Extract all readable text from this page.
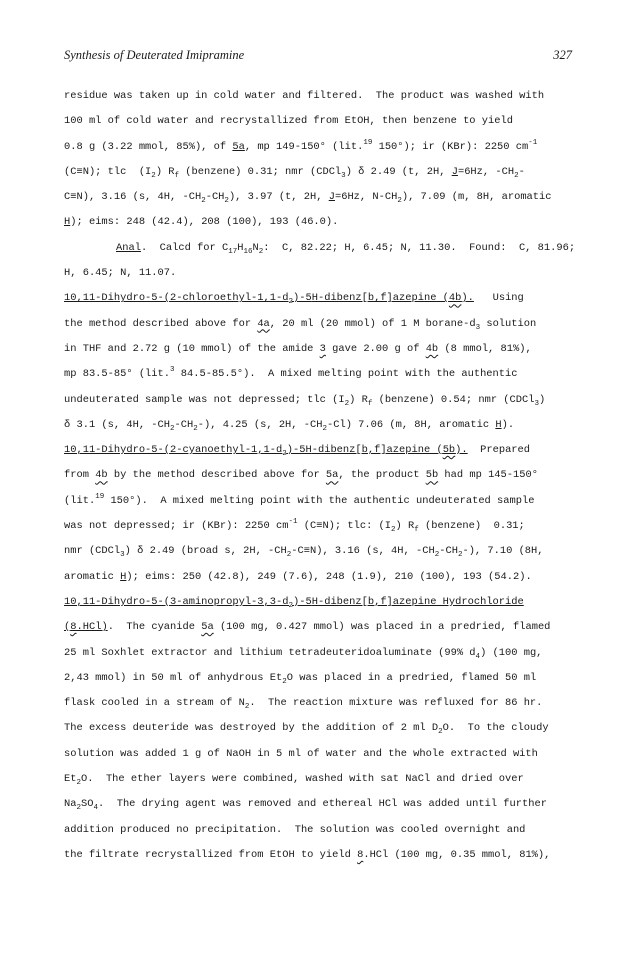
Synthesis of Deuterated Imipramine	327
residue was taken up in cold water and filtered.  The product was washed with
100 ml of cold water and recrystallized from EtOH, then benzene to yield
0.8 g (3.22 mmol, 85%), of 5a, mp 149-150° (lit.$^{19}$ 150°); ir (KBr): 2250 $cm^{-1}$
(C≡N); tlc  $(I_2)$ $R_f$ (benzene) 0.31; nmr (CDCl$_3$) δ 2.49 (t, 2H, J=6Hz, $-CH_2-$
C≡N), 3.16 (s, 4H, $-CH_2-CH_2$), 3.97 (t, 2H, J=6Hz, $N-CH_2$), 7.09 (m, 8H, aromatic
H); eims: 248 (42.4), 208 (100), 193 (46.0).
Anal.  Calcd for $C_{17}H_{16}N_2$:  C, 82.22; H, 6.45; N, 11.30.  Found:  C, 81.96;
H, 6.45; N, 11.07.
$10,11-Dihydro-5-(2-chloroethyl-1,1-d_2)-5H-dibenz[b,f]azepine$ (4b).   Using
the method described above for 4a, 20 ml (20 mmol) of 1 M borane-$d_3$ solution
in THF and 2.72 g (10 mmol) of the amide 3 gave 2.00 g of 4b (8 mmol, 81%),
mp 83.5-85° (lit.$^3$ 84.5-85.5°).  A mixed melting point with the authentic
undeuterated sample was not depressed; tlc $(I_2)$ $R_f$ (benzene) 0.54; nmr (CDCl$_3$)
δ 3.1 (s, 4H, $-CH_2-CH_2-$), 4.25 (s, 2H, $-CH_2-Cl$) 7.06 (m, 8H, aromatic H).
$10,11-Dihydro-5-(2-cyanoethyl-1,1-d_2)-5H-dibenz[b,f]azepine$ (5b).  Prepared
from 4b by the method described above for 5a, the product 5b had mp 145-150°
(lit.$^{19}$ 150°).  A mixed melting point with the authentic undeuterated sample
was not depressed; ir (KBr): 2250 $cm^{-1}$ (C≡N); tlc: $(I_2)$ $R_f$ (benzene)  0.31;
nmr (CDCl$_3$) δ 2.49 (broad s, 2H, $-CH_2-C\equiv N$), 3.16 (s, 4H, $-CH_2-CH_2-$), 7.10 (8H,
aromatic H); eims: 250 (42.8), 249 (7.6), 248 (1.9), 210 (100), 193 (54.2).
$10,11-Dihydro-5-(3-aminopropyl-3,3-d_2)-5H-dibenz[b,f]azepine$ Hydrochloride
(8.HCl).  The cyanide 5a (100 mg, 0.427 mmol) was placed in a predried, flamed
25 ml Soxhlet extractor and lithium tetradeuteridoaluminate (99% $d_4$) (100 mg,
2,43 mmol) in 50 ml of anhydrous $Et_2O$ was placed in a predried, flamed 50 ml
flask cooled in a stream of $N_2$.  The reaction mixture was refluxed for 86 hr.
The excess deuteride was destroyed by the addition of 2 ml $D_2O$.  To the cloudy
solution was added 1 g of NaOH in 5 ml of water and the whole extracted with
$Et_2O$.  The ether layers were combined, washed with sat NaCl and dried over
$Na_2SO_4$.  The drying agent was removed and ethereal HCl was added until further
addition produced no precipitation.  The solution was cooled overnight and
the filtrate recrystallized from EtOH to yield 8.HCl (100 mg, 0.35 mmol, 81%),
